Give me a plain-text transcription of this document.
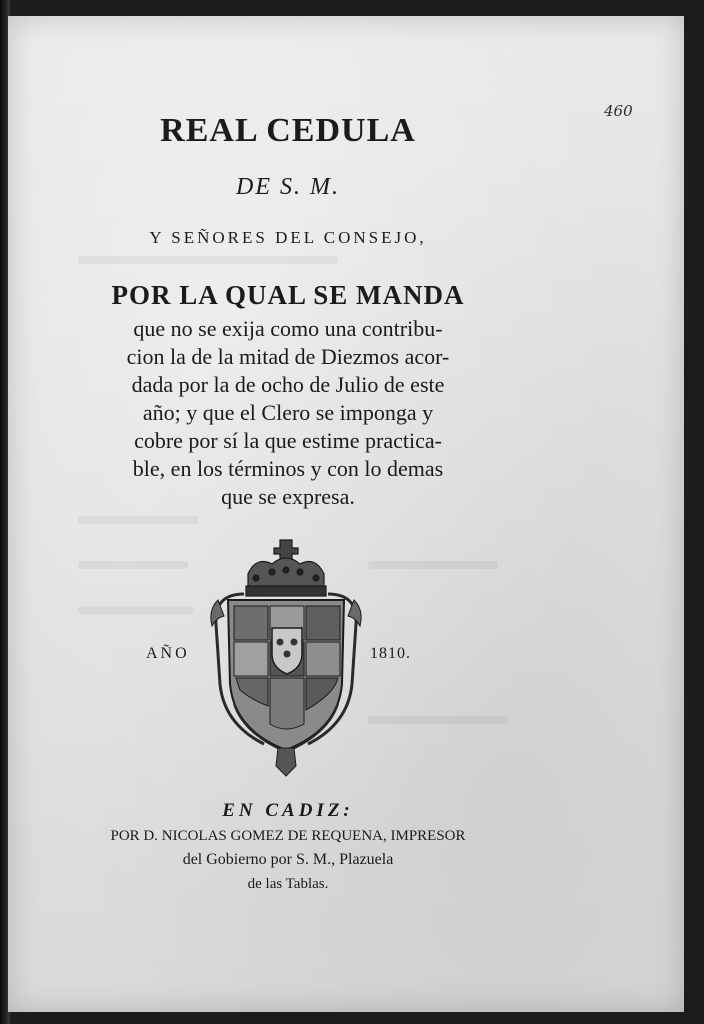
460
REAL CEDULA
DE S. M.
Y SEÑORES DEL CONSEJO,
POR LA QUAL SE MANDA
que no se exija como una contribu-
cion la de la mitad de Diezmos acor-
dada por la de ocho de Julio de este
año; y que el Clero se imponga y
cobre por sí la que estime practica-
ble, en los términos y con lo demas
que se expresa.
AÑO	1810.
EN CADIZ:
POR D. NICOLAS GOMEZ DE REQUENA, IMPRESOR
del Gobierno por S. M., Plazuela
de las Tablas.
